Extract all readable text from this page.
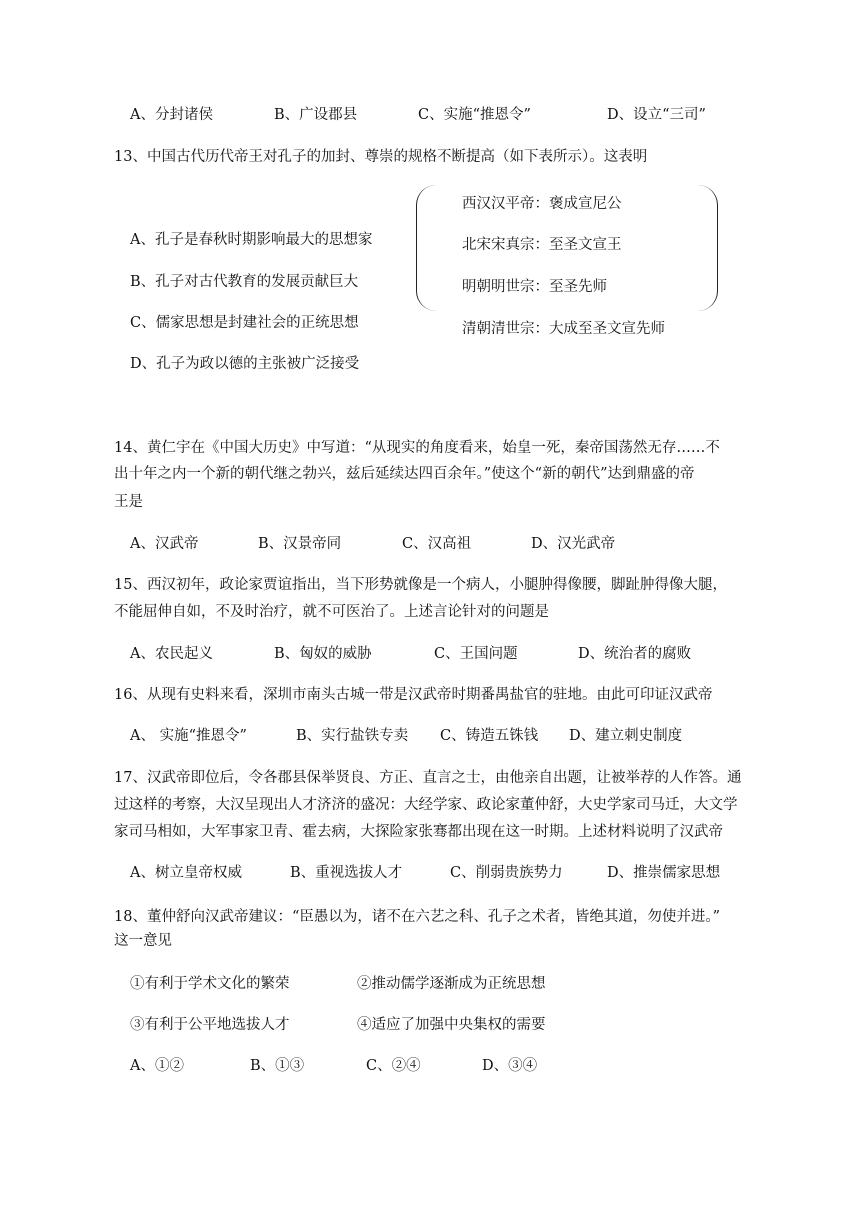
A、分封诸侯	B、广设郡县	C、实施“推恩令”	D、设立“三司”
13、中国古代历代帝王对孔子的加封、尊崇的规格不断提高（如下表所示）。这表明
西汉汉平帝：褒成宣尼公
北宋宋真宗：至圣文宣王
明朝明世宗：至圣先师
清朝清世宗：大成至圣文宣先师
A、孔子是春秋时期影响最大的思想家
B、孔子对古代教育的发展贡献巨大
C、儒家思想是封建社会的正统思想
D、孔子为政以德的主张被广泛接受
14、黄仁宇在《中国大历史》中写道：“从现实的角度看来，始皇一死，秦帝国荡然无存……不
出十年之内一个新的朝代继之勃兴，兹后延续达四百余年。”使这个“新的朝代”达到鼎盛的帝
王是
A、汉武帝	B、汉景帝同	C、汉高祖	D、汉光武帝
15、西汉初年，政论家贾谊指出，当下形势就像是一个病人，小腿肿得像腰，脚趾肿得像大腿，
不能屈伸自如，不及时治疗，就不可医治了。上述言论针对的问题是
A、农民起义	B、匈奴的威胁	C、王国问题	D、统治者的腐败
16、从现有史料来看，深圳市南头古城一带是汉武帝时期番禺盐官的驻地。由此可印证汉武帝
A、 实施“推恩令”	B、实行盐铁专卖 C、铸造五铢钱 D、建立刺史制度
17、汉武帝即位后，令各郡县保举贤良、方正、直言之士，由他亲自出题，让被举荐的人作答。通
过这样的考察，大汉呈现出人才济济的盛况：大经学家、政论家董仲舒，大史学家司马迁，大文学
家司马相如，大军事家卫青、霍去病，大探险家张骞都出现在这一时期。上述材料说明了汉武帝
A、树立皇帝权威	B、重视选拔人才	C、削弱贵族势力	D、推崇儒家思想
18、董仲舒向汉武帝建议：“臣愚以为，诸不在六艺之科、孔子之术者，皆绝其道，勿使并进。”
这一意见
①有利于学术文化的繁荣	②推动儒学逐渐成为正统思想
③有利于公平地选拔人才	④适应了加强中央集权的需要
A、①②	B、①③	C、②④	D、③④
